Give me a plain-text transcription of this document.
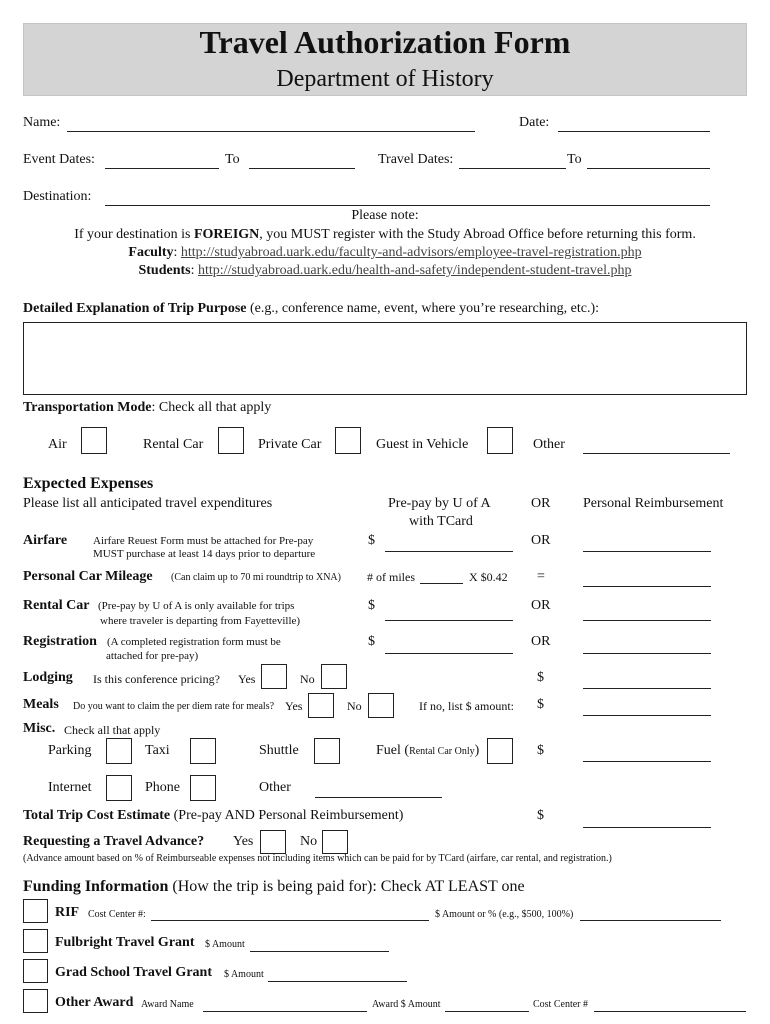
Travel Authorization Form
Department of History
Name:	Date:
Event Dates:	To	Travel Dates:	To
Destination:
Please note:
If your destination is FOREIGN, you MUST register with the Study Abroad Office before returning this form.
Faculty: http://studyabroad.uark.edu/faculty-and-advisors/employee-travel-registration.php
Students: http://studyabroad.uark.edu/health-and-safety/independent-student-travel.php
Detailed Explanation of Trip Purpose (e.g., conference name, event, where you’re researching, etc.):
Transportation Mode: Check all that apply
Air	Rental Car	Private Car	Guest in Vehicle	Other
Expected Expenses
Please list all anticipated travel expenditures	Pre-pay by U of A
with TCard
OR Personal Reimbursement
Airfare Airfare Reuest Form must be attached for Pre-pay
MUST purchase at least 14 days prior to departure
$	OR
Personal Car Mileage (Can claim up to 70 mi roundtrip to XNA) # of miles	X $0.42 =
Rental Car (Pre-pay by U of A is only available for trips
where traveler is departing from Fayetteville)
$	OR
Registration (A completed registration form must be
attached for pre-pay)
$	OR
Lodging Is this conference pricing? Yes	No	$
Meals Do you want to claim the per diem rate for meals? Yes	No	If no, list $ amount: $
Misc. Check all that apply
Parking	Taxi	Shuttle	Fuel (Rental Car Only)	$
Internet	Phone	Other
Total Trip Cost Estimate (Pre-pay AND Personal Reimbursement)	$
Requesting a Travel Advance? Yes	No
(Advance amount based on % of Reimburseable expenses not including items which can be paid for by TCard (airfare, car rental, and registration.)
Funding Information (How the trip is being paid for): Check AT LEAST one
RIF Cost Center #:	$ Amount or % (e.g., $500, 100%)
Fulbright Travel Grant $ Amount
Grad School Travel Grant $ Amount
Other Award Award Name	Award $ Amount	Cost Center #
